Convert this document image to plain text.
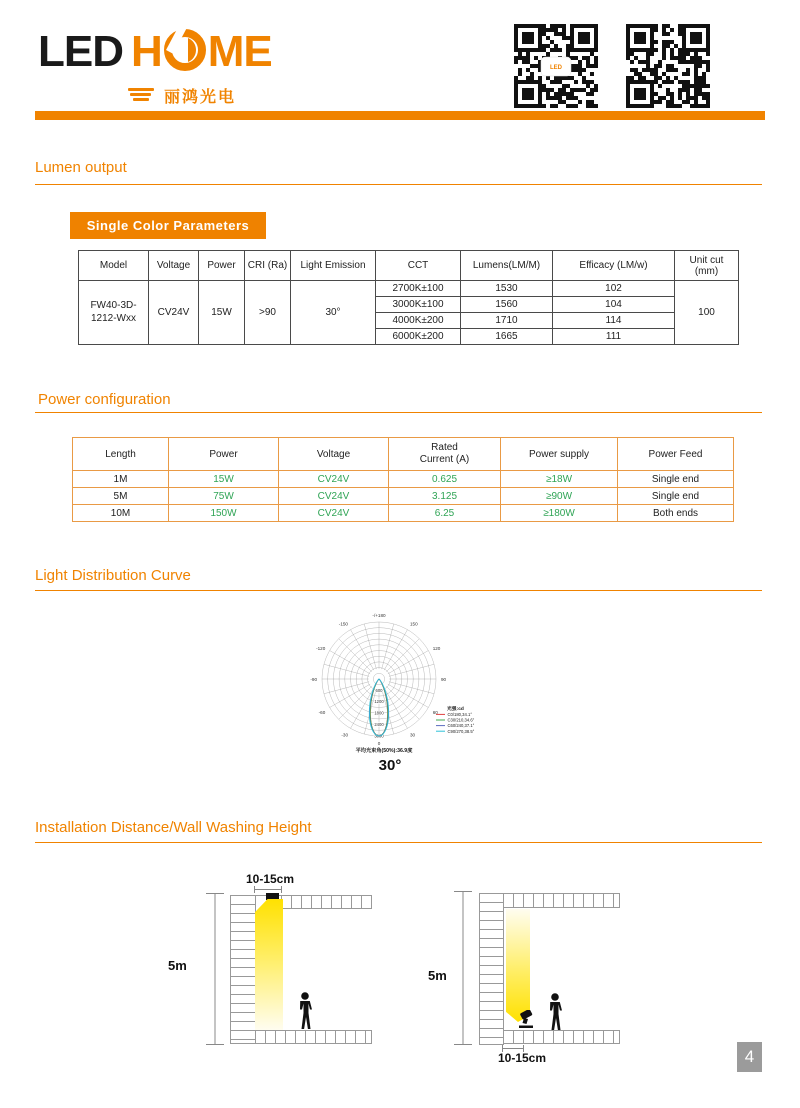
LED H ME
丽鸿光电
LED
Lumen output
Single Color Parameters
Model	Voltage	Power	CRI (Ra)	Light Emission	CCT	Lumens(LM/M)	Efficacy (LM/w)	Unit cut (mm)
FW40-3D-1212-Wxx	CV24V	15W	>90	30°	2700K±100	1530	102	100
					3000K±100	1560	104	
					4000K±200	1710	114	
					6000K±200	1665	111	
Power configuration
Length	Power	Voltage	Rated Current (A)	Power supply	Power Feed
1M	15W	CV24V	0.625	≥18W	Single end
5M	75W	CV24V	3.125	≥90W	Single end
10M	150W	CV24V	6.25	≥180W	Both ends
Light Distribution Curve
-/+180
150
120
90
60
30
0
-30
-60
-90
-120
-150
600
1200
1800
2400
3000
光强:cd
C0/180,34.1°
C30/210,34.6°
C60/240,37.1°
C90/270,38.5°
平均光束角(50%):36.9度
30°
Installation Distance/Wall Washing Height
10-15cm
5m
5m
10-15cm	4
